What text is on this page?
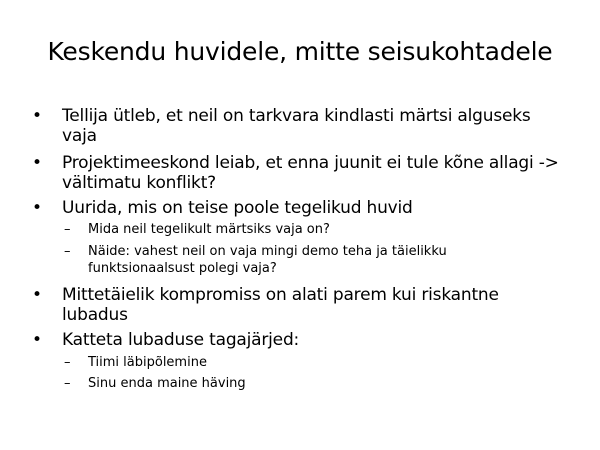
Keskendu huvidele, mitte seisukohtadele
• Tellija ütleb, et neil on tarkvara kindlasti märtsi alguseks
vaja
• Projektimeeskond leiab, et enna juunit ei tule kõne allagi ->
vältimatu konflikt?
• Uurida, mis on teise poole tegelikud huvid
– Mida neil tegelikult märtsiks vaja on?
– Näide: vahest neil on vaja mingi demo teha ja täielikku
funktsionaalsust polegi vaja?
• Mittetäielik kompromiss on alati parem kui riskantne
lubadus
• Katteta lubaduse tagajärjed:
– Tiimi läbipõlemine
– Sinu enda maine häving
